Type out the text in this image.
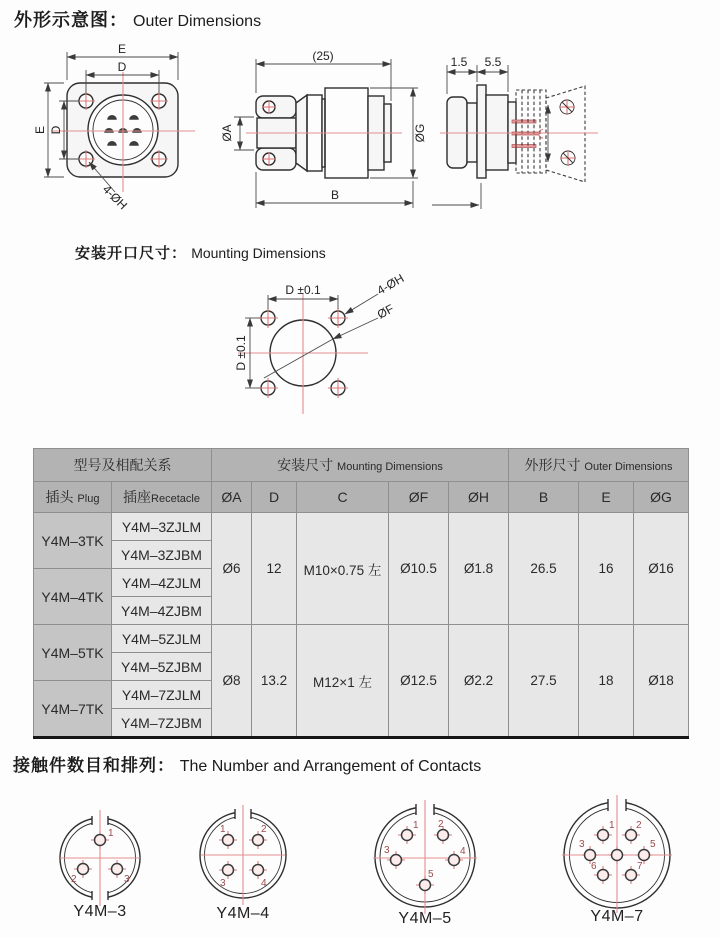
外形示意图： Outer Dimensions
E
D
E D
4-ØH
(25)
ØA	ØG
B
1.5 5.5
安装开口尺寸： Mounting Dimensions
D ±0.1
D ±0.1
4-ØH
ØF
型号及相配关系		安装尺寸 Mounting Dimensions					外形尺寸 Outer Dimensions		
插头 Plug	插座Recetacle	ØA	D	C	ØF	ØH	B	E	ØG
Y4M–3TK	Y4M–3ZJLM	Ø6	12	M10×0.75 左	Ø10.5	Ø1.8	26.5	16	Ø16
	Y4M–3ZJBM								
Y4M–4TK	Y4M–4ZJLM								
	Y4M–4ZJBM								
Y4M–5TK	Y4M–5ZJLM	Ø8	13.2	M12×1 左	Ø12.5	Ø2.2	27.5	18	Ø18
	Y4M–5ZJBM								
Y4M–7TK	Y4M–7ZJLM								
	Y4M–7ZJBM								
接触件数目和排列： The Number and Arrangement of Contacts
1
2	3
Y4M–3
1	2
3	4
Y4M–4
1 2
3	4
5
Y4M–5
1 2
3	5
6	7
Y4M–7
